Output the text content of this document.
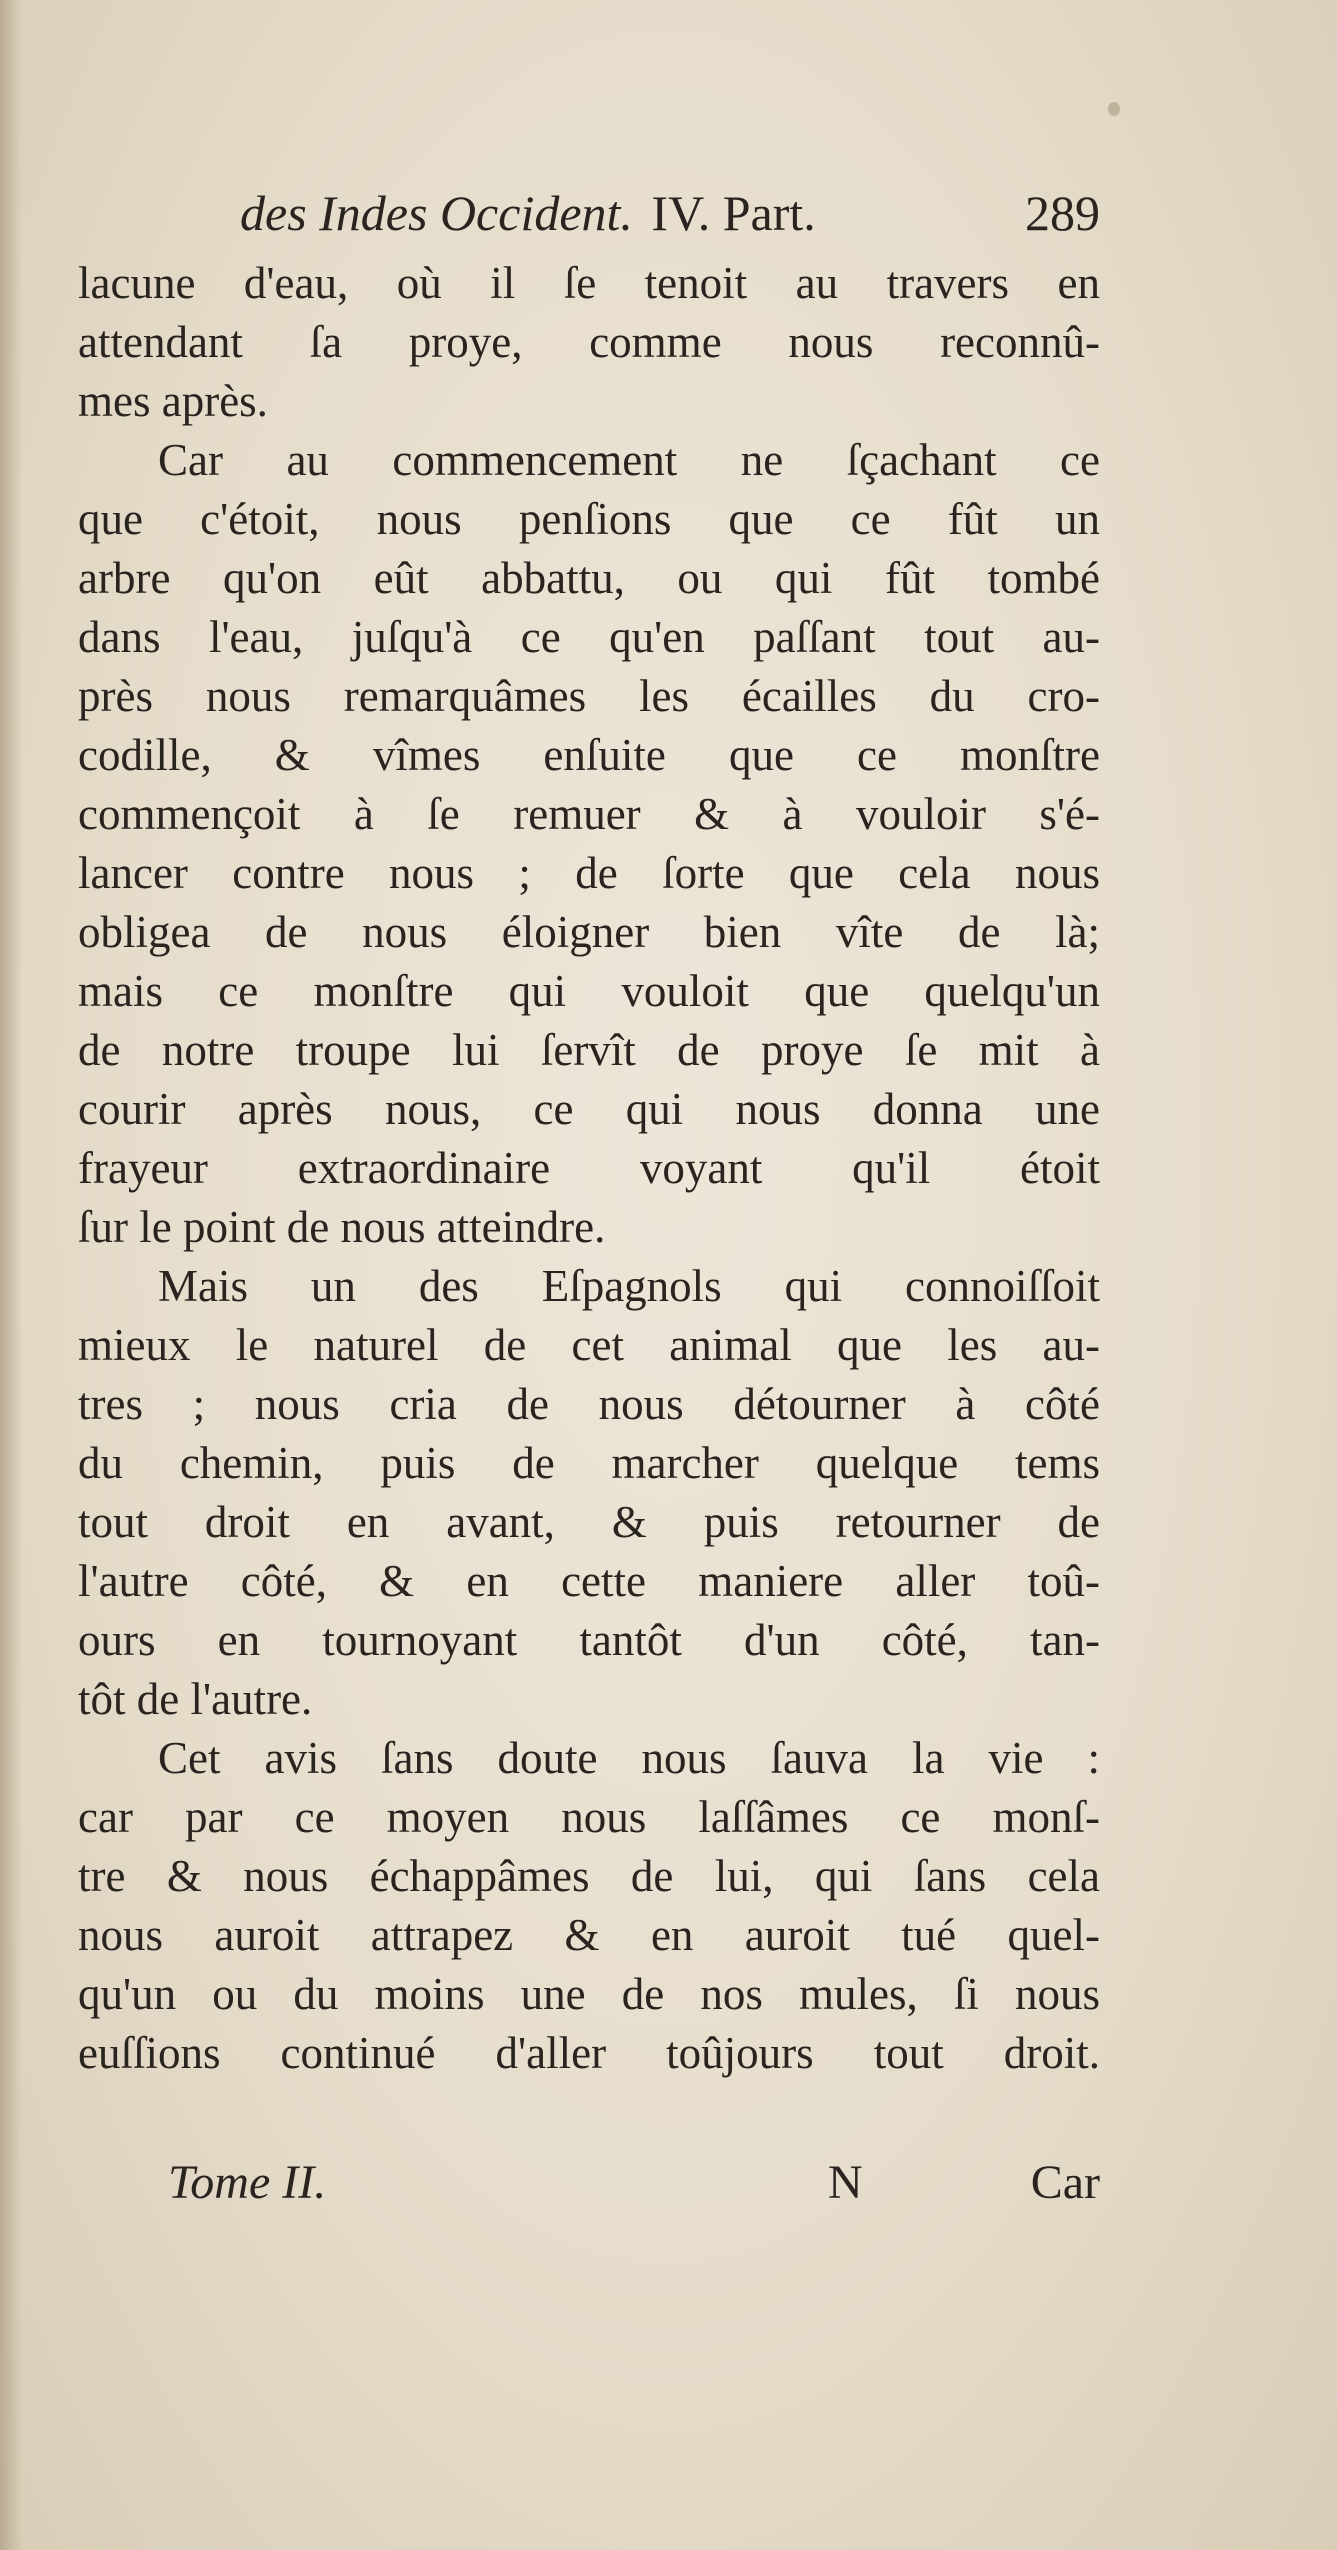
des Indes Occident. IV. Part.	289
lacune d'eau, où il ſe tenoit au travers en
attendant ſa proye, comme nous reconnû-
mes après.
Car au commencement ne ſçachant ce
que c'étoit, nous penſions que ce fût un
arbre qu'on eût abbattu, ou qui fût tombé
dans l'eau, juſqu'à ce qu'en paſſant tout au-
près nous remarquâmes les écailles du cro-
codille, & vîmes enſuite que ce monſtre
commençoit à ſe remuer & à vouloir s'é-
lancer contre nous ; de ſorte que cela nous
obligea de nous éloigner bien vîte de là;
mais ce monſtre qui vouloit que quelqu'un
de notre troupe lui ſervît de proye ſe mit à
courir après nous, ce qui nous donna une
frayeur extraordinaire voyant qu'il étoit
ſur le point de nous atteindre.
Mais un des Eſpagnols qui connoiſſoit
mieux le naturel de cet animal que les au-
tres ; nous cria de nous détourner à côté
du chemin, puis de marcher quelque tems
tout droit en avant, & puis retourner de
l'autre côté, & en cette maniere aller toû-
ours en tournoyant tantôt d'un côté, tan-
tôt de l'autre.
Cet avis ſans doute nous ſauva la vie :
car par ce moyen nous laſſâmes ce monſ-
tre & nous échappâmes de lui, qui ſans cela
nous auroit attrapez & en auroit tué quel-
qu'un ou du moins une de nos mules, ſi nous
euſſions continué d'aller toûjours tout droit.
Tome II.	N	Car
